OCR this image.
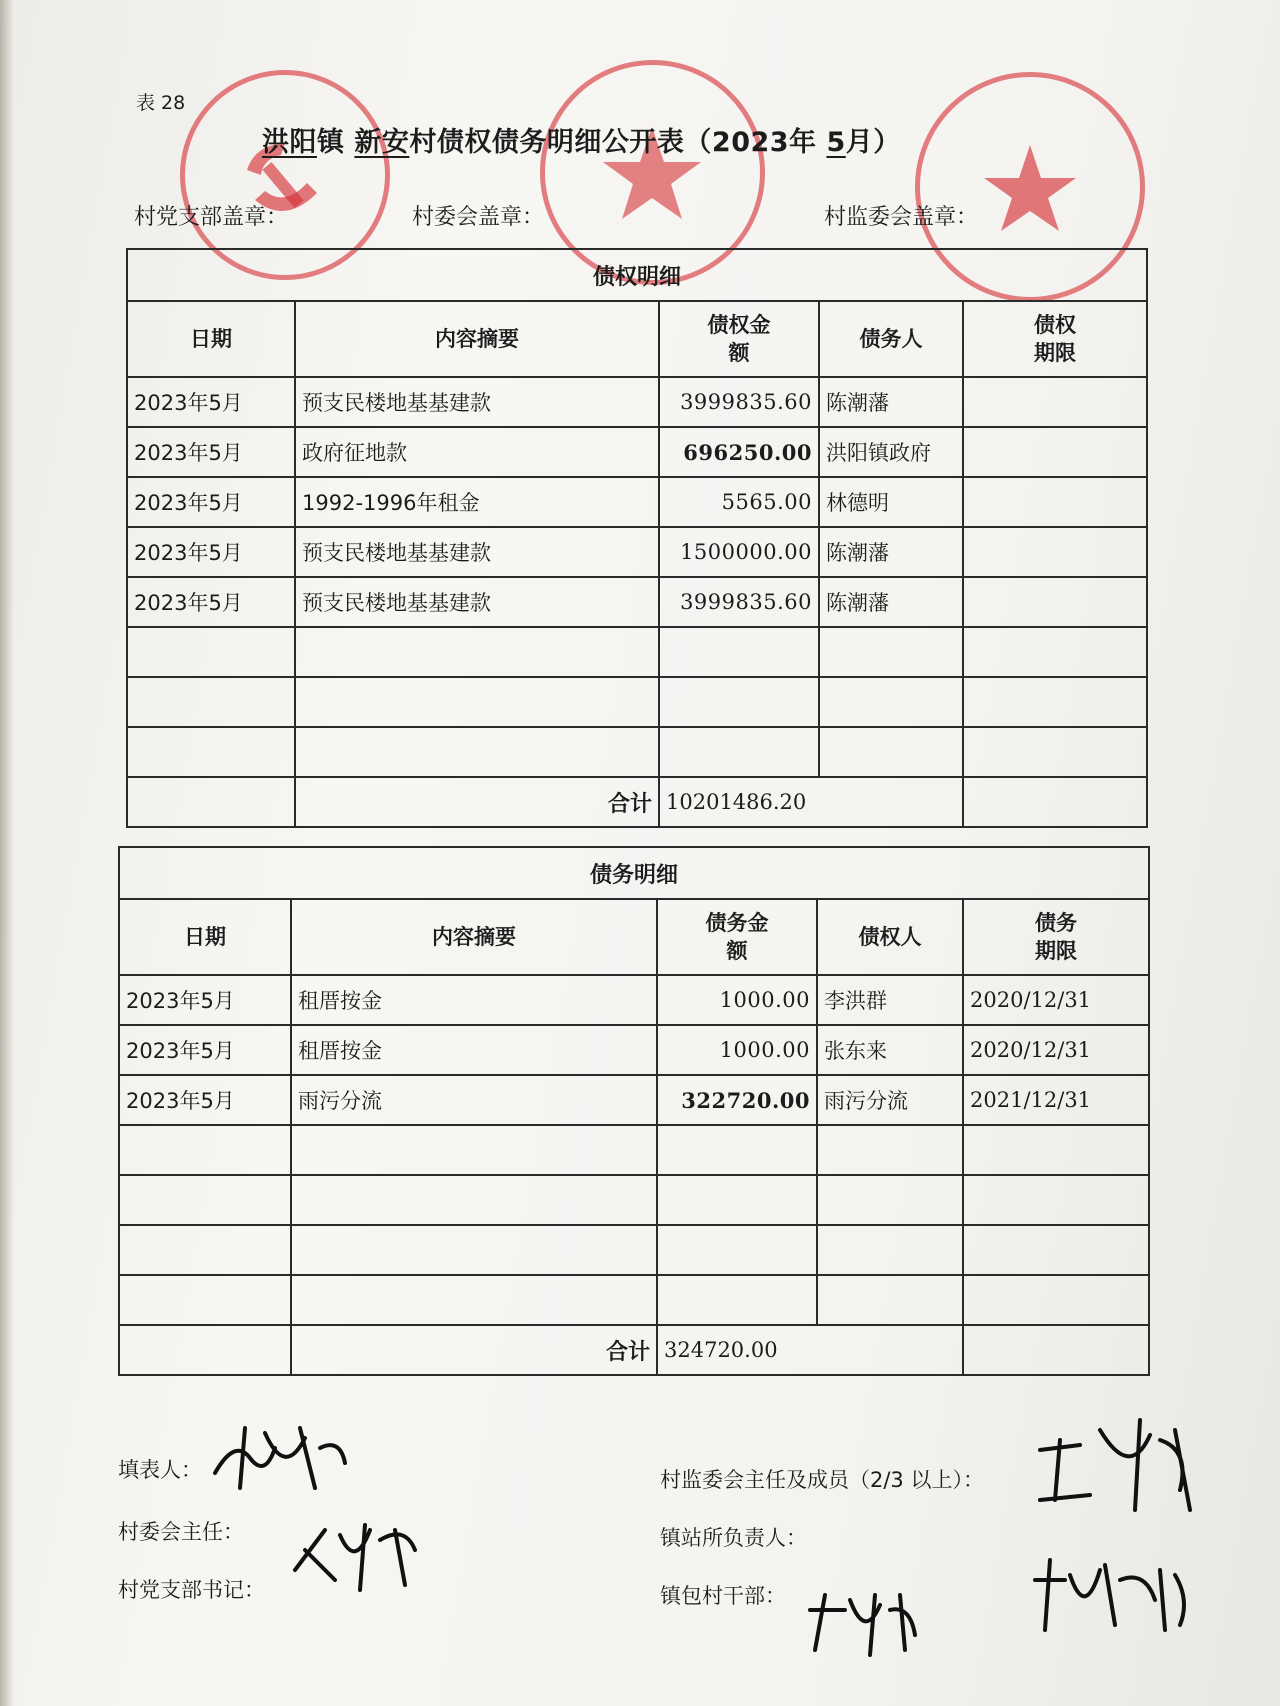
表 28
洪阳镇 新安村债权债务明细公开表（2023年 5月）
村党支部盖章：	村委会盖章：	村监委会盖章：
债权明细				
日期	内容摘要	债权金额	债务人	债权期限

2023年5月	预支民楼地基基建款	3999835.60	陈潮藩	
2023年5月	政府征地款	696250.00	洪阳镇政府	
2023年5月	1992-1996年租金	5565.00	林德明	
2023年5月	预支民楼地基基建款	1500000.00	陈潮藩	
2023年5月	预支民楼地基基建款	3999835.60	陈潮藩	

	合计	10201486.20		
债务明细				
日期	内容摘要	债务金额	债权人	债务期限

2023年5月	租厝按金	1000.00	李洪群	2020/12/31
2023年5月	租厝按金	1000.00	张东来	2020/12/31
2023年5月	雨污分流	322720.00	雨污分流	2021/12/31

	合计	324720.00		
填表人：
村委会主任：
村党支部书记：
村监委会主任及成员（2/3 以上）：
镇站所负责人：
镇包村干部：
